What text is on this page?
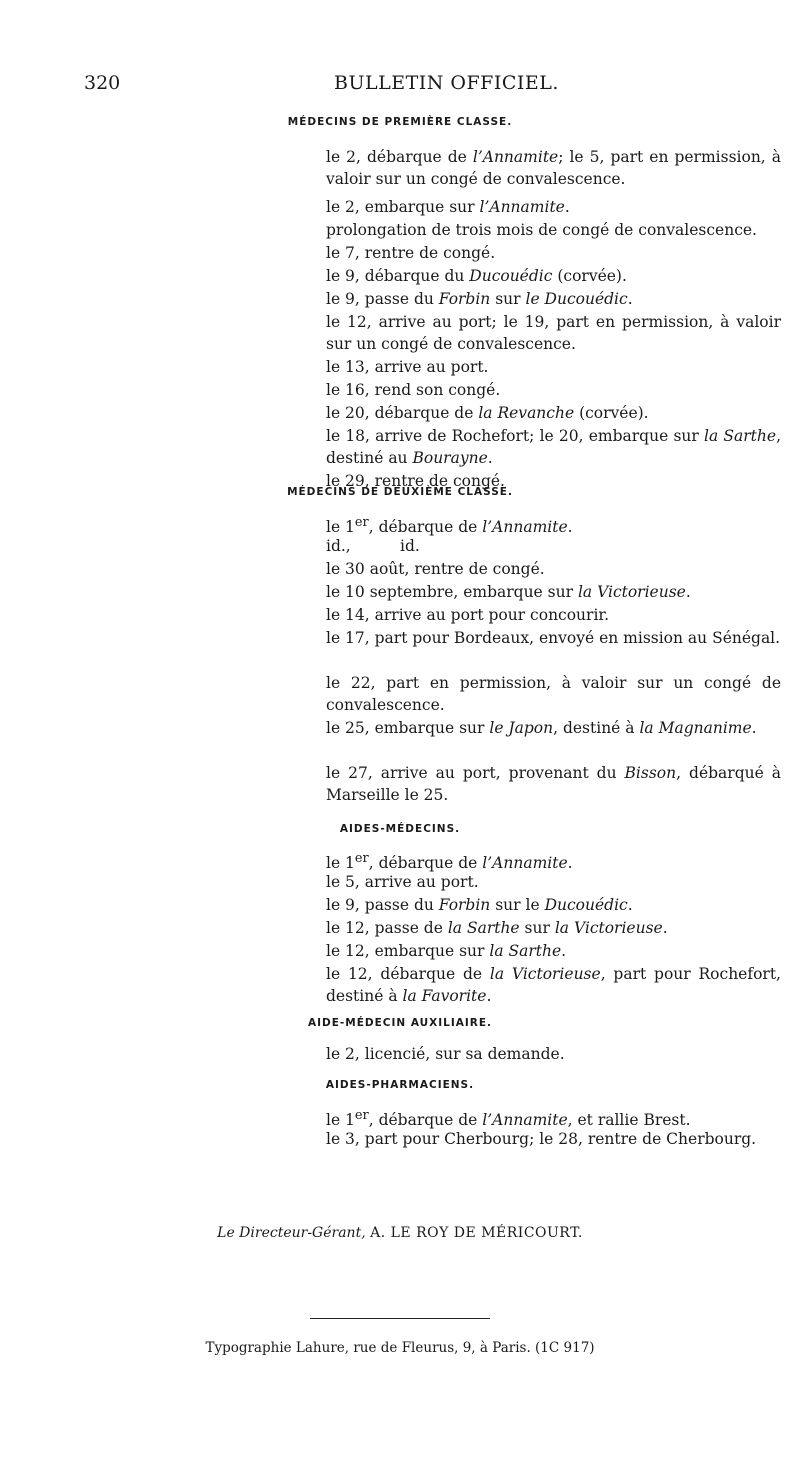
320	BULLETIN OFFICIEL.
MÉDECINS DE PREMIÈRE CLASSE.
le 2, débarque de l’Annamite; le 5, part en permission, à valoir sur un congé de convalescence.
le 2, embarque sur l’Annamite.
prolongation de trois mois de congé de convalescence.
le 7, rentre de congé.
le 9, débarque du Ducouédic (corvée).
le 9, passe du Forbin sur le Ducouédic.
le 12, arrive au port; le 19, part en permission, à valoir sur un congé de convalescence.
le 13, arrive au port.
le 16, rend son congé.
le 20, débarque de la Revanche (corvée).
le 18, arrive de Rochefort; le 20, embarque sur la Sarthe, destiné au Bourayne.
le 29, rentre de congé.
MÉDECINS DE DEUXIÈME CLASSE.
le 1er, débarque de l’Annamite.
id.,          id.
le 30 août, rentre de congé.
le 10 septembre, embarque sur la Victorieuse.
le 14, arrive au port pour concourir.
le 17, part pour Bordeaux, envoyé en mission au Sénégal.
le 22, part en permission, à valoir sur un congé de convalescence.
le 25, embarque sur le Japon, destiné à la Magnanime.
le 27, arrive au port, provenant du Bisson, débarqué à Marseille le 25.
AIDES-MÉDECINS.
le 1er, débarque de l’Annamite.
le 5, arrive au port.
le 9, passe du Forbin sur le Ducouédic.
le 12, passe de la Sarthe sur la Victorieuse.
le 12, embarque sur la Sarthe.
le 12, débarque de la Victorieuse, part pour Rochefort, destiné à la Favorite.
AIDE-MÉDECIN AUXILIAIRE.
le 2, licencié, sur sa demande.
AIDES-PHARMACIENS.
le 1er, débarque de l’Annamite, et rallie Brest.
le 3, part pour Cherbourg; le 28, rentre de Cherbourg.
Le Directeur-Gérant, A. LE ROY DE MÉRICOURT.
Typographie Lahure, rue de Fleurus, 9, à Paris. (1C 917)
